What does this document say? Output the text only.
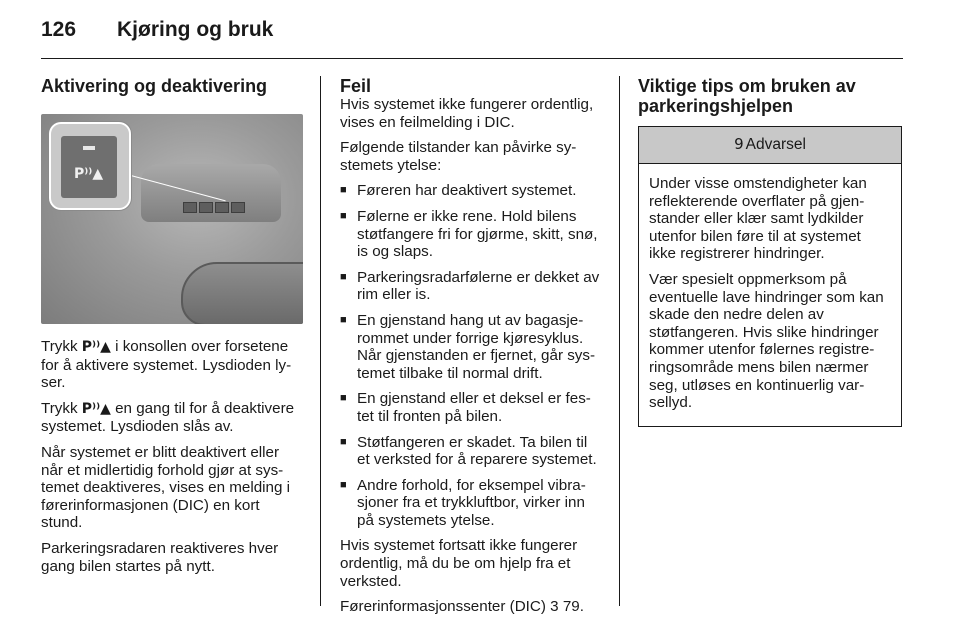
126	Kjøring og bruk
Aktivering og deaktivering
P⁾⁾▲

Trykk P⁾⁾▲ i konsollen over forsetene for å aktivere systemet. Lysdioden ly-ser.

Trykk P⁾⁾▲ en gang til for å deaktivere systemet. Lysdioden slås av.

Når systemet er blitt deaktivert eller når et midlertidig forhold gjør at sys-temet deaktiveres, vises en melding i førerinformasjonen (DIC) en kort stund.

Parkeringsradaren reaktiveres hver gang bilen startes på nytt.

Feil

Hvis systemet ikke fungerer ordentlig, vises en feilmelding i DIC.

Følgende tilstander kan påvirke sy-stemets ytelse:

■ Føreren har deaktivert systemet.
■ Følerne er ikke rene. Hold bilens støtfangere fri for gjørme, skitt, snø, is og slaps.
■ Parkeringsradarfølerne er dekket av rim eller is.
■ En gjenstand hang ut av bagasje-rommet under forrige kjøresyklus. Når gjenstanden er fjernet, går sys-temet tilbake til normal drift.
■ En gjenstand eller et deksel er fes-tet til fronten på bilen.
■ Støtfangeren er skadet. Ta bilen til et verksted for å reparere systemet.
■ Andre forhold, for eksempel vibra-sjoner fra et trykkluftbor, virker inn på systemets ytelse.

Hvis systemet fortsatt ikke fungerer ordentlig, må du be om hjelp fra et verksted.

Førerinformasjonssenter (DIC) 3 79.

Viktige tips om bruken av parkeringshjelpen
9 Advarsel

Under visse omstendigheter kan reflekterende overflater på gjen-stander eller klær samt lydkilder utenfor bilen føre til at systemet ikke registrerer hindringer.

Vær spesielt oppmerksom på eventuelle lave hindringer som kan skade den nedre delen av støtfangeren. Hvis slike hindringer kommer utenfor følernes registre-ringsområde mens bilen nærmer seg, utløses en kontinuerlig var-sellyd.
